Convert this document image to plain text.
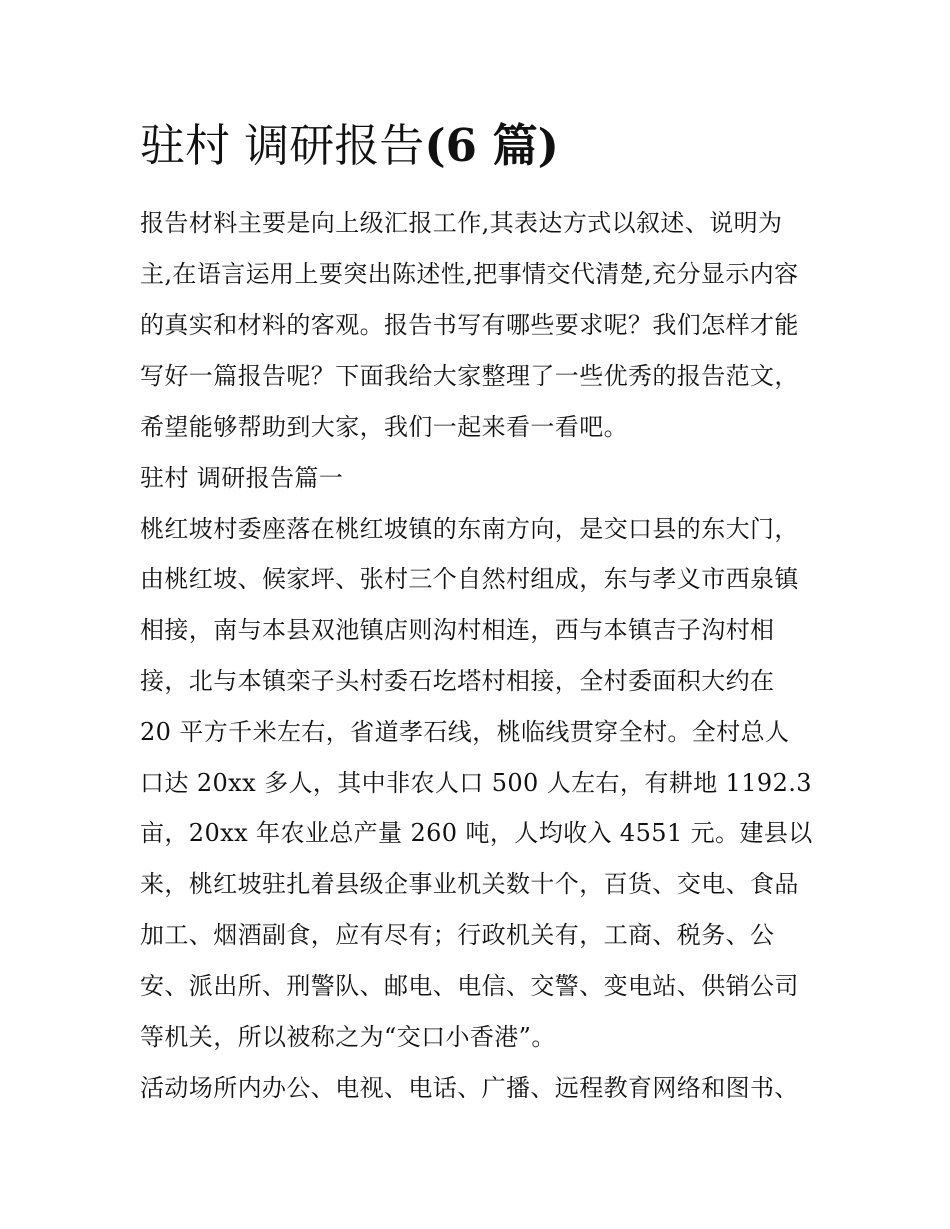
驻村 调研报告(6 篇)

报告材料主要是向上级汇报工作,其表达方式以叙述、说明为

主,在语言运用上要突出陈述性,把事情交代清楚,充分显示内容

的真实和材料的客观。报告书写有哪些要求呢？我们怎样才能

写好一篇报告呢？下面我给大家整理了一些优秀的报告范文，

希望能够帮助到大家，我们一起来看一看吧。

驻村 调研报告篇一

桃红坡村委座落在桃红坡镇的东南方向，是交口县的东大门，

由桃红坡、候家坪、张村三个自然村组成，东与孝义市西泉镇

相接，南与本县双池镇店则沟村相连，西与本镇吉子沟村相

接，北与本镇栾子头村委石圪塔村相接，全村委面积大约在

20 平方千米左右，省道孝石线，桃临线贯穿全村。全村总人

口达 20xx 多人，其中非农人口 500 人左右，有耕地 1192.3

亩，20xx 年农业总产量 260 吨，人均收入 4551 元。建县以

来，桃红坡驻扎着县级企事业机关数十个，百货、交电、食品

加工、烟酒副食，应有尽有；行政机关有，工商、税务、公

安、派出所、刑警队、邮电、电信、交警、变电站、供销公司

等机关，所以被称之为“交口小香港”。

活动场所内办公、电视、电话、广播、远程教育网络和图书、
